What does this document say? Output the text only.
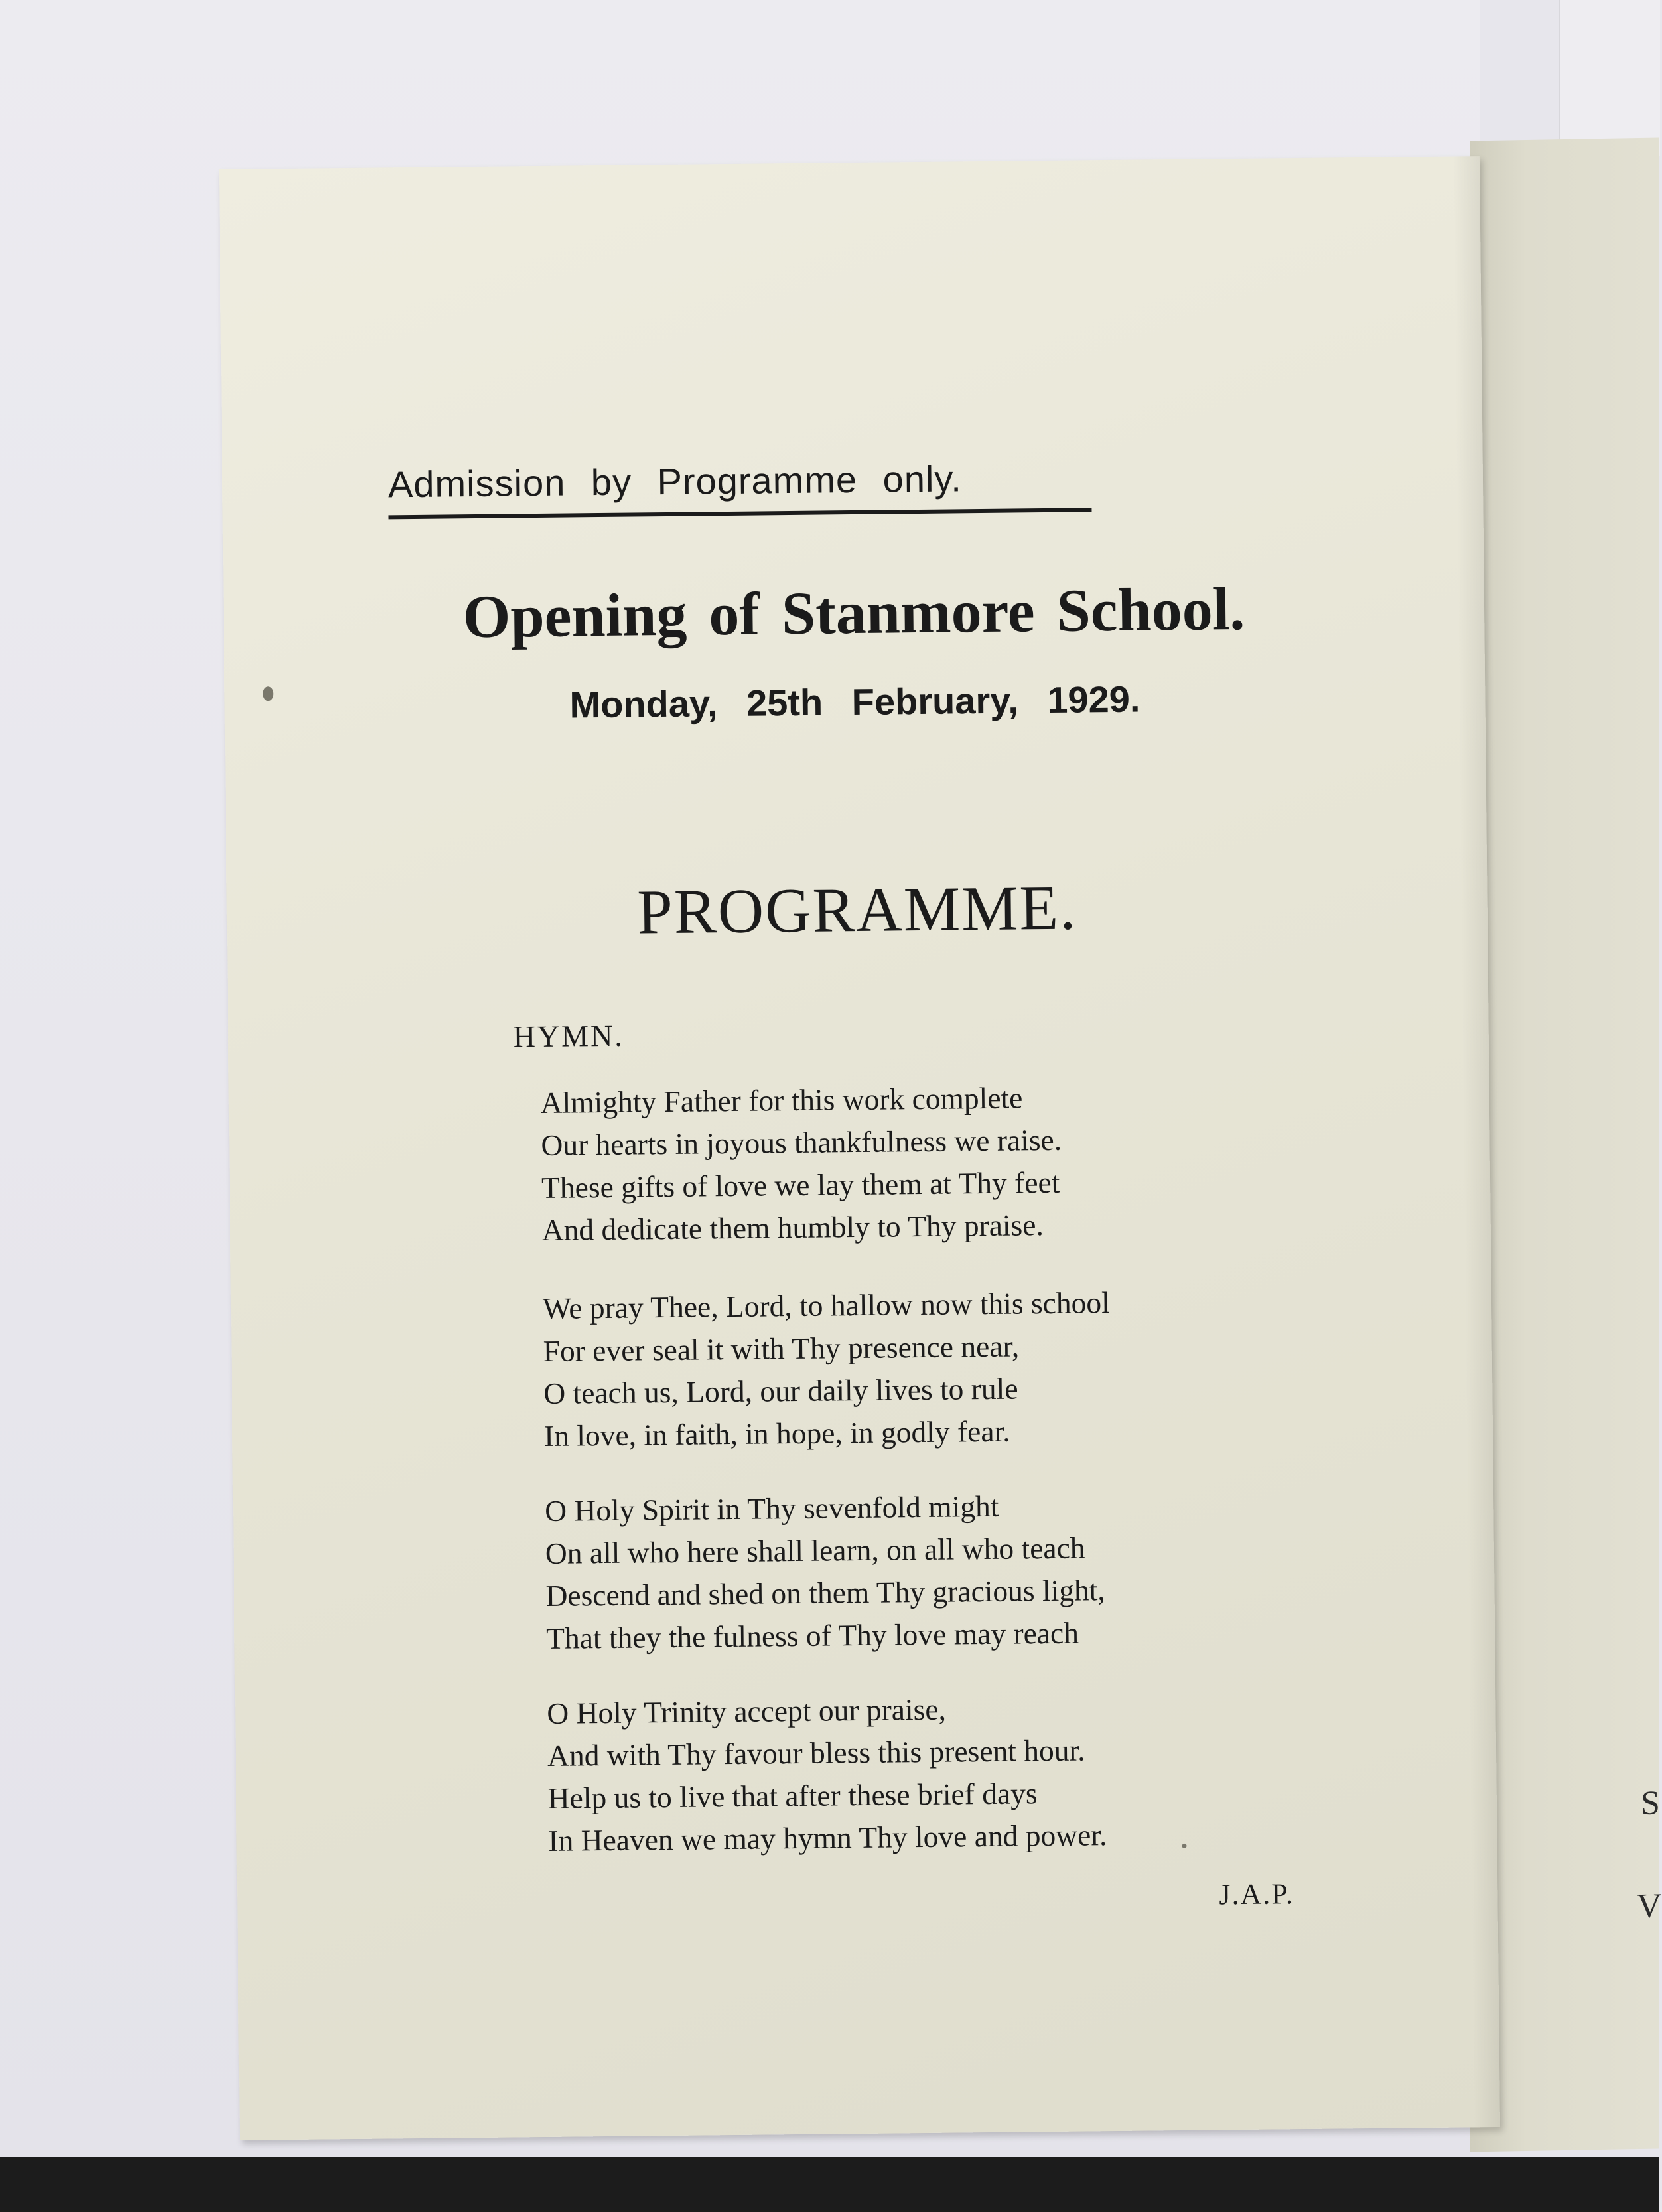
S
V
Admission by Programme only.
Opening of Stanmore School.
Monday, 25th February, 1929.
PROGRAMME.
HYMN.
Almighty Father for this work complete
Our hearts in joyous thankfulness we raise.
These gifts of love we lay them at Thy feet
And dedicate them humbly to Thy praise.
We pray Thee, Lord, to hallow now this school
For ever seal it with Thy presence near,
O teach us, Lord, our daily lives to rule
In love, in faith, in hope, in godly fear.
O Holy Spirit in Thy sevenfold might
On all who here shall learn, on all who teach
Descend and shed on them Thy gracious light,
That they the fulness of Thy love may reach
O Holy Trinity accept our praise,
And with Thy favour bless this present hour.
Help us to live that after these brief days
In Heaven we may hymn Thy love and power.
J.A.P.
